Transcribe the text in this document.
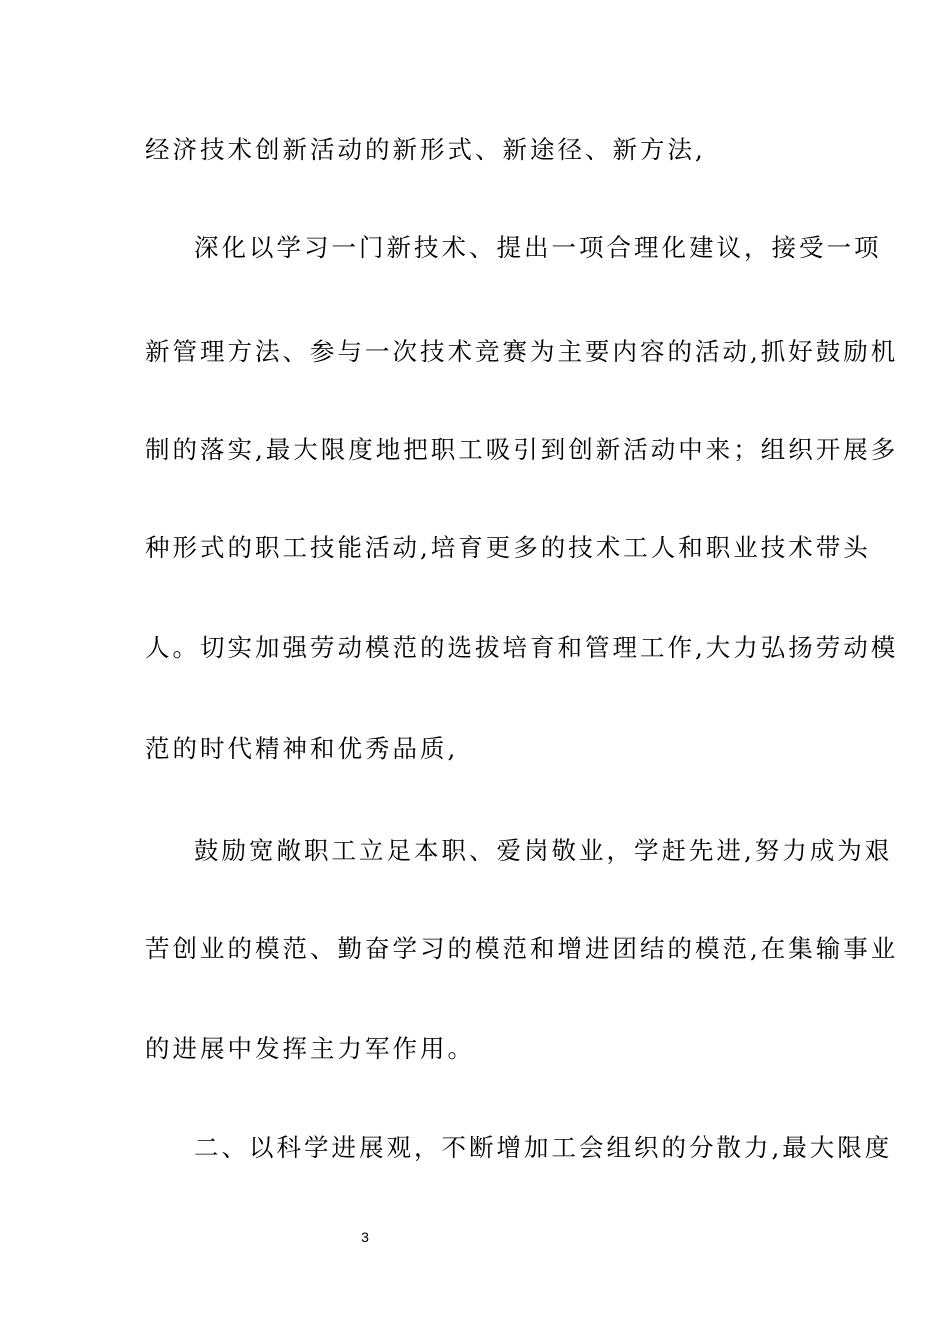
经济技术创新活动的新形式、新途径、新方法,
深化以学习一门新技术、提出一项合理化建议，接受一项
新管理方法、参与一次技术竞赛为主要内容的活动,抓好鼓励机
制的落实,最大限度地把职工吸引到创新活动中来；组织开展多
种形式的职工技能活动,培育更多的技术工人和职业技术带头
人。切实加强劳动模范的选拔培育和管理工作,大力弘扬劳动模
范的时代精神和优秀品质,
鼓励宽敞职工立足本职、爱岗敬业，学赶先进,努力成为艰
苦创业的模范、勤奋学习的模范和增进团结的模范,在集输事业
的进展中发挥主力军作用。
二、以科学进展观，不断增加工会组织的分散力,最大限度
3
